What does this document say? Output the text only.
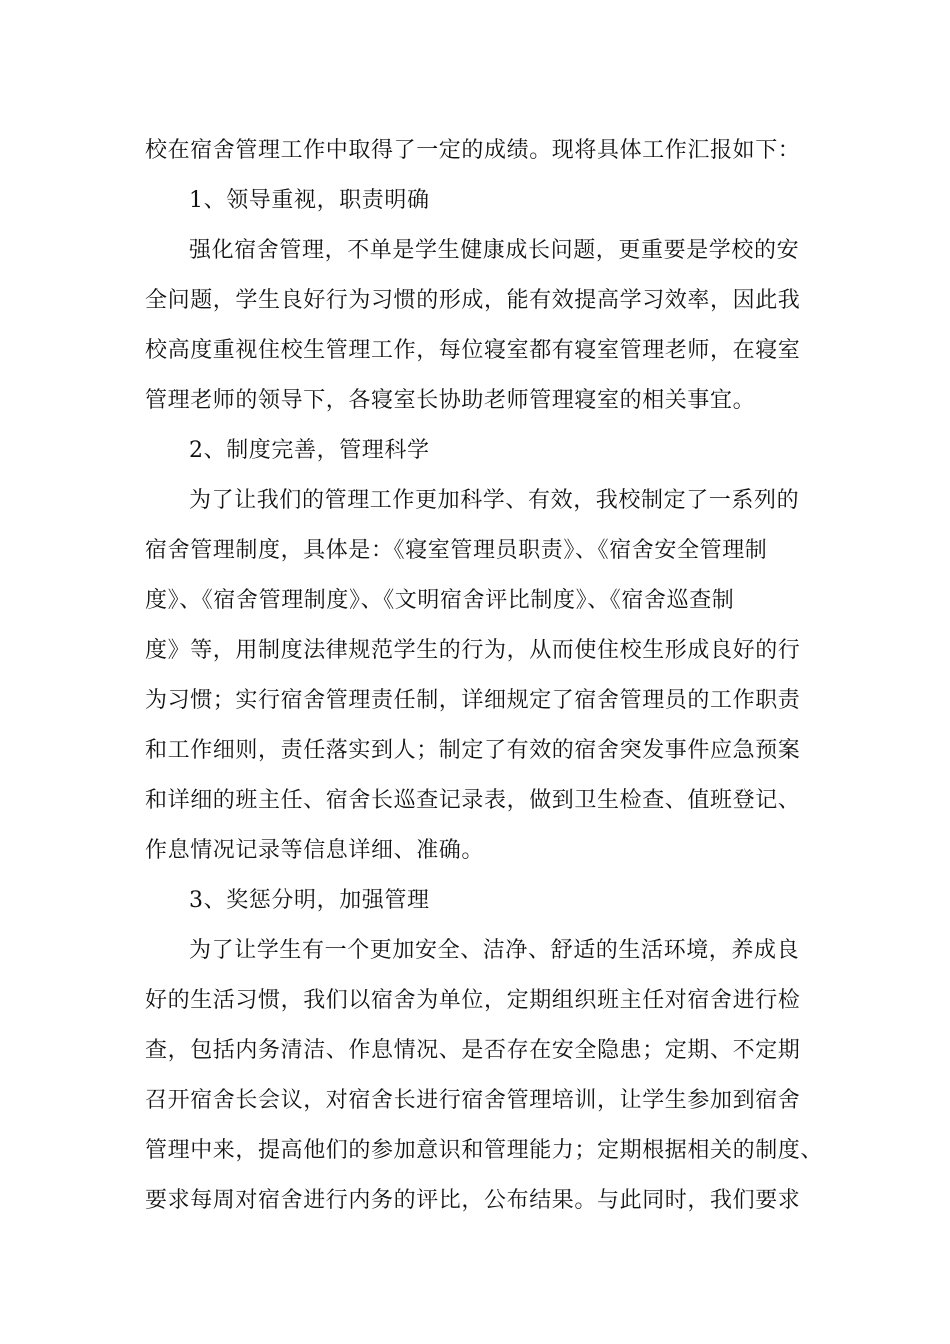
校在宿舍管理工作中取得了一定的成绩。现将具体工作汇报如下：
1、领导重视，职责明确
强化宿舍管理，不单是学生健康成长问题，更重要是学校的安
全问题，学生良好行为习惯的形成，能有效提高学习效率，因此我
校高度重视住校生管理工作，每位寝室都有寝室管理老师，在寝室
管理老师的领导下，各寝室长协助老师管理寝室的相关事宜。
2、制度完善，管理科学
为了让我们的管理工作更加科学、有效，我校制定了一系列的
宿舍管理制度，具体是：《寝室管理员职责》、《宿舍安全管理制
度》、《宿舍管理制度》、《文明宿舍评比制度》、《宿舍巡查制
度》等，用制度法律规范学生的行为，从而使住校生形成良好的行
为习惯；实行宿舍管理责任制，详细规定了宿舍管理员的工作职责
和工作细则，责任落实到人；制定了有效的宿舍突发事件应急预案
和详细的班主任、宿舍长巡查记录表，做到卫生检查、值班登记、
作息情况记录等信息详细、准确。
3、奖惩分明，加强管理
为了让学生有一个更加安全、洁净、舒适的生活环境，养成良
好的生活习惯，我们以宿舍为单位，定期组织班主任对宿舍进行检
查，包括内务清洁、作息情况、是否存在安全隐患；定期、不定期
召开宿舍长会议，对宿舍长进行宿舍管理培训，让学生参加到宿舍
管理中来，提高他们的参加意识和管理能力；定期根据相关的制度、
要求每周对宿舍进行内务的评比，公布结果。与此同时，我们要求
